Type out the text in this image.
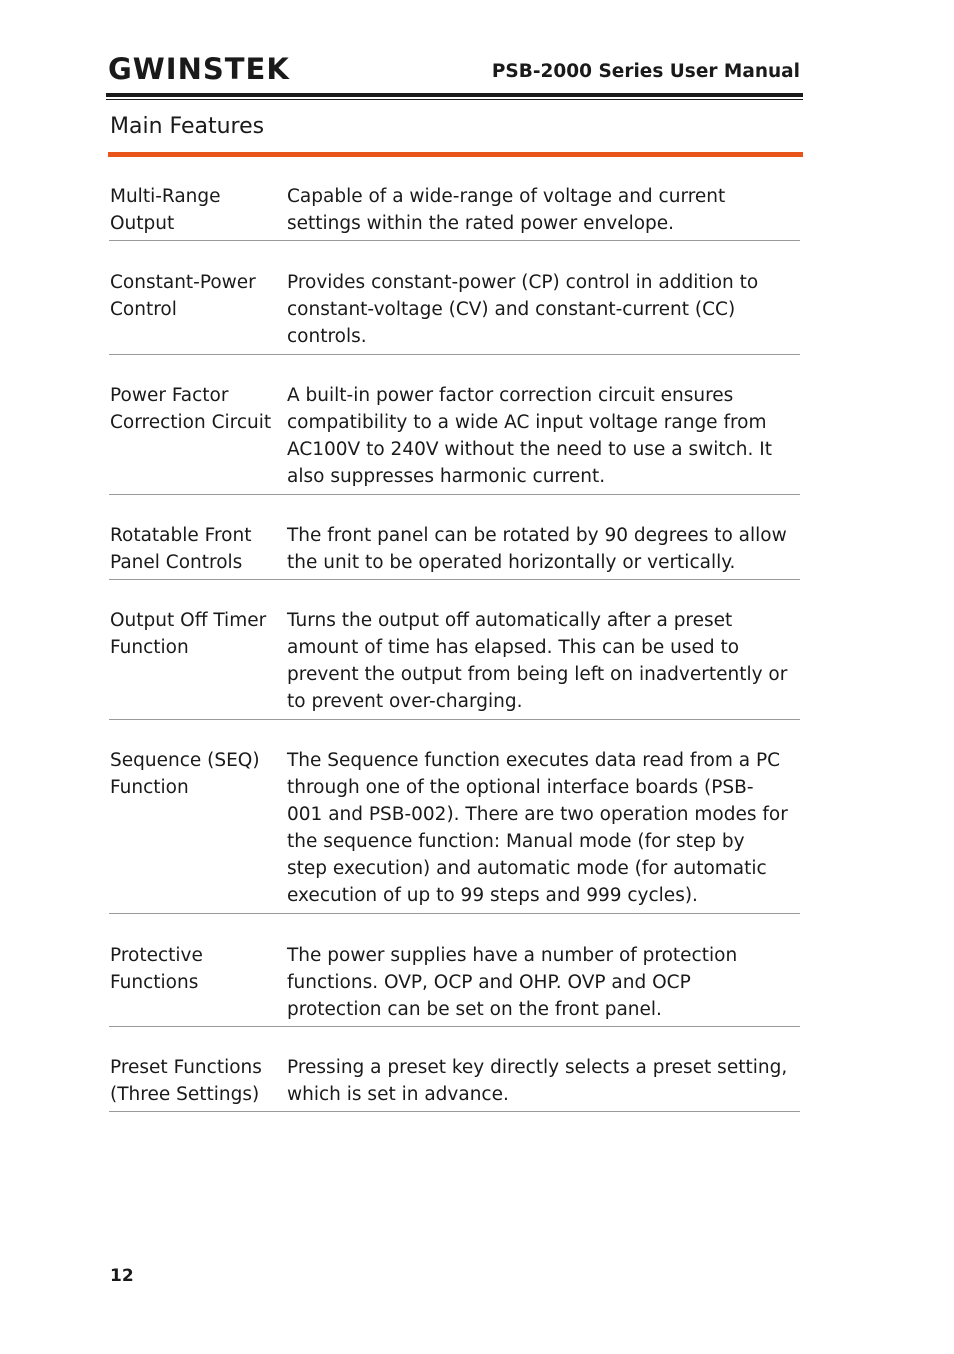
GWINSTEK	PSB-2000 Series User Manual
Main Features
Multi-Range
Output
Capable of a wide-range of voltage and current
settings within the rated power envelope.
Constant-Power
Control
Provides constant-power (CP) control in addition to
constant-voltage (CV) and constant-current (CC)
controls.
Power Factor
Correction Circuit
A built-in power factor correction circuit ensures
compatibility to a wide AC input voltage range from
AC100V to 240V without the need to use a switch. It
also suppresses harmonic current.
Rotatable Front
Panel Controls
The front panel can be rotated by 90 degrees to allow
the unit to be operated horizontally or vertically.
Output Off Timer
Function
Turns the output off automatically after a preset
amount of time has elapsed. This can be used to
prevent the output from being left on inadvertently or
to prevent over-charging.
Sequence (SEQ)
Function
The Sequence function executes data read from a PC
through one of the optional interface boards (PSB-
001 and PSB-002). There are two operation modes for
the sequence function: Manual mode (for step by
step execution) and automatic mode (for automatic
execution of up to 99 steps and 999 cycles).
Protective
Functions
The power supplies have a number of protection
functions. OVP, OCP and OHP. OVP and OCP
protection can be set on the front panel.
Preset Functions
(Three Settings)
Pressing a preset key directly selects a preset setting,
which is set in advance.
12
